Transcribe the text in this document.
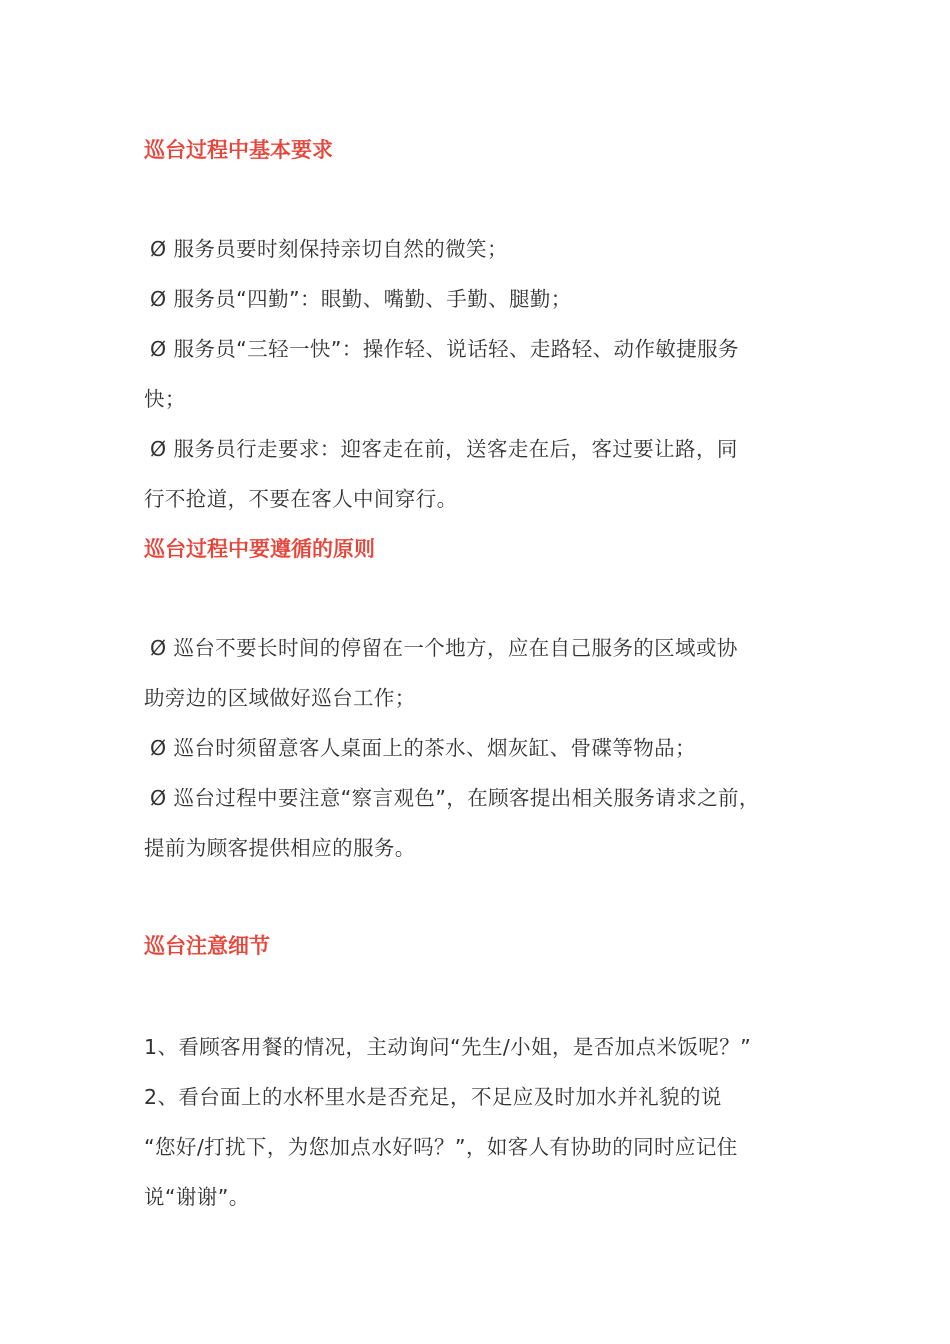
巡台过程中基本要求
Ø 服务员要时刻保持亲切自然的微笑；
Ø 服务员“四勤”：眼勤、嘴勤、手勤、腿勤；
Ø 服务员“三轻一快”：操作轻、说话轻、走路轻、动作敏捷服务
快；
Ø 服务员行走要求：迎客走在前，送客走在后，客过要让路，同
行不抢道，不要在客人中间穿行。
巡台过程中要遵循的原则
Ø 巡台不要长时间的停留在一个地方，应在自己服务的区域或协
助旁边的区域做好巡台工作；
Ø 巡台时须留意客人桌面上的茶水、烟灰缸、骨碟等物品；
Ø 巡台过程中要注意“察言观色”，在顾客提出相关服务请求之前，
提前为顾客提供相应的服务。
巡台注意细节
1、看顾客用餐的情况，主动询问“先生/小姐，是否加点米饭呢？”
2、看台面上的水杯里水是否充足，不足应及时加水并礼貌的说
“您好/打扰下，为您加点水好吗？”，如客人有协助的同时应记住
说“谢谢”。
